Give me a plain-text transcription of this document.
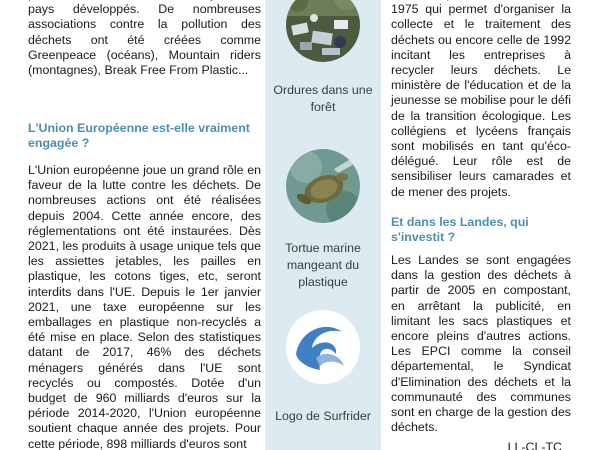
pays développés. De nombreuses associations contre la pollution des déchets ont été créées comme Greenpeace (océans), Mountain riders (montagnes), Break Free From Plastic...

L'Union Européenne est-elle vraiment engagée ?

L'Union européenne joue un grand rôle en faveur de la lutte contre les déchets. De nombreuses actions ont été réalisées depuis 2004. Cette année encore, des réglementations ont été instaurées. Dès 2021, les produits à usage unique tels que les assiettes jetables, les pailles en plastique, les cotons tiges, etc, seront interdits dans l'UE. Depuis le 1er janvier 2021, une taxe européenne sur les emballages en plastique non-recyclés a été mise en place. Selon des statistiques datant de 2017, 46% des déchets ménagers générés dans l'UE sont recyclés ou compostés. Dotée d'un budget de 960 milliards d'euros sur la période 2014-2020, l'Union européenne soutient chaque année des projets. Pour cette période, 898 milliards d'euros sont

Ordures dans une forêt
Tortue marine mangeant du plastique
Logo de Surfrider

1975 qui permet d'organiser la collecte et le traitement des déchets ou encore celle de 1992 incitant les entreprises à recycler leurs déchets. Le ministère de l'éducation et de la jeunesse se mobilise pour le défi de la transition écologique. Les collégiens et lycéens français sont mobilisés en tant qu'éco-délégué. Leur rôle est de sensibiliser leurs camarades et de mener des projets.

Et dans les Landes, qui s'investit ?

Les Landes se sont engagées dans la gestion des déchets à partir de 2005 en compostant, en arrêtant la publicité, en limitant les sacs plastiques et encore pleins d'autres actions. Les EPCI comme la conseil départemental, le Syndicat d'Elimination des déchets et la communauté des communes sont en charge de la gestion des déchets.

LL-CL-TC
